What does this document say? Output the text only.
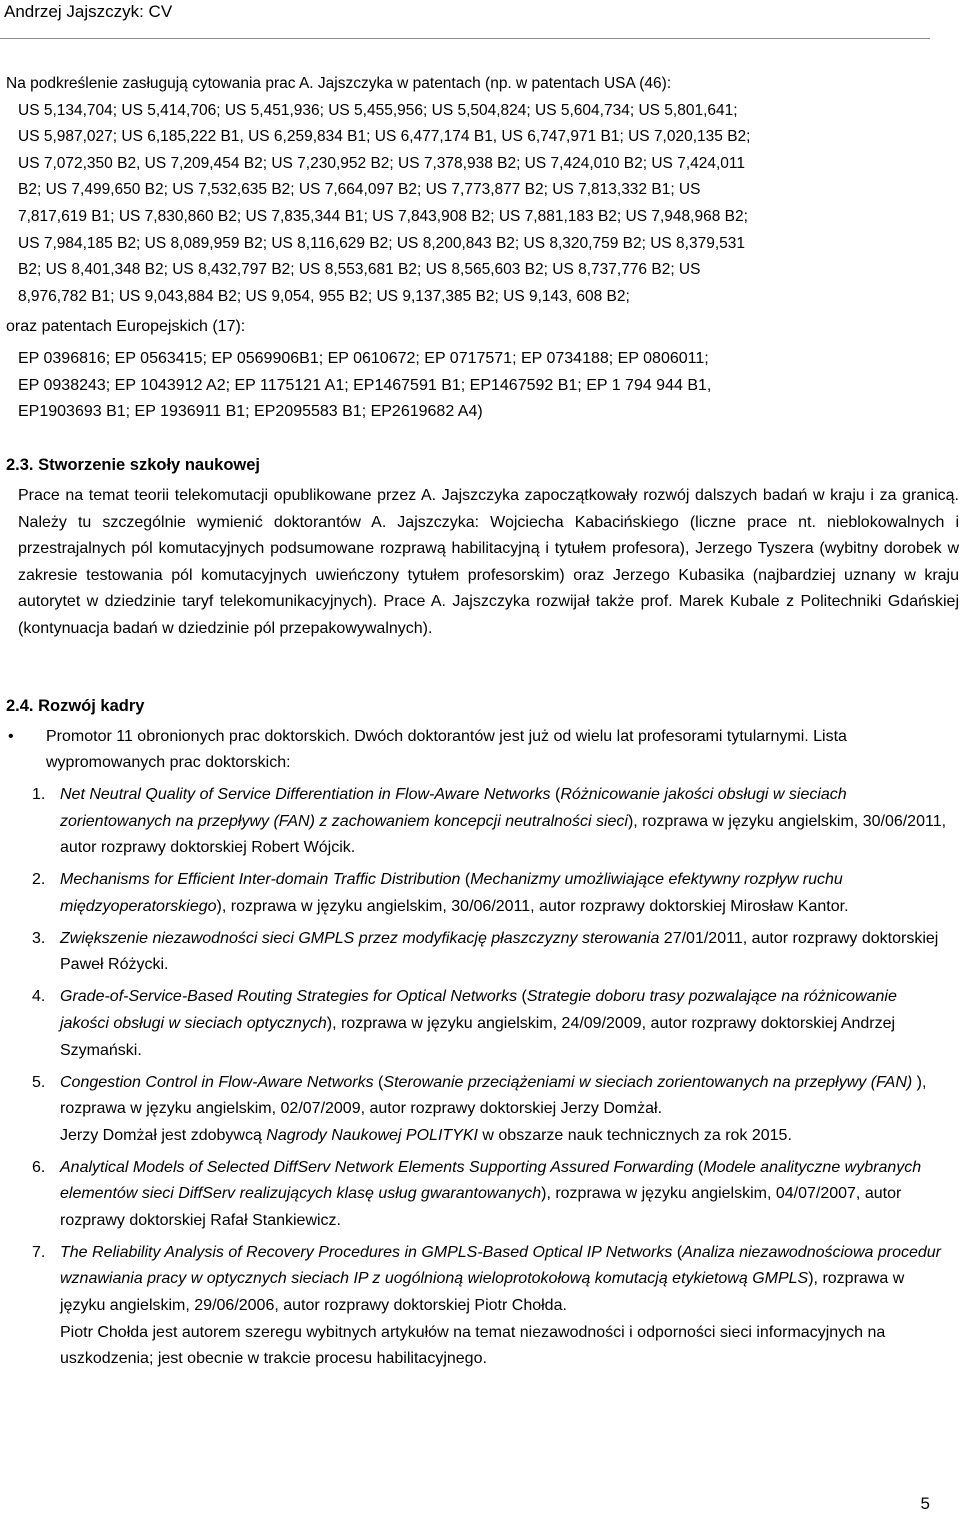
Andrzej Jajszczyk: CV
Na podkreślenie zasługują cytowania prac A. Jajszczyka w patentach (np. w patentach USA (46):
US 5,134,704; US 5,414,706; US 5,451,936; US 5,455,956; US 5,504,824; US 5,604,734; US 5,801,641;
US 5,987,027; US 6,185,222 B1, US 6,259,834 B1; US 6,477,174 B1, US 6,747,971 B1; US 7,020,135 B2;
US 7,072,350 B2, US 7,209,454 B2; US 7,230,952 B2; US 7,378,938 B2; US 7,424,010 B2; US 7,424,011
B2; US 7,499,650 B2; US 7,532,635 B2; US 7,664,097 B2; US 7,773,877 B2; US 7,813,332 B1; US
7,817,619 B1; US 7,830,860 B2; US 7,835,344 B1; US 7,843,908 B2; US 7,881,183 B2; US 7,948,968 B2;
US 7,984,185 B2; US 8,089,959 B2; US 8,116,629 B2; US 8,200,843 B2; US 8,320,759 B2; US 8,379,531
B2; US 8,401,348 B2; US 8,432,797 B2; US 8,553,681 B2; US 8,565,603 B2; US 8,737,776 B2; US
8,976,782 B1; US 9,043,884 B2; US 9,054, 955 B2; US 9,137,385 B2; US 9,143, 608 B2;
oraz patentach Europejskich (17):
EP 0396816; EP 0563415; EP 0569906B1; EP 0610672; EP 0717571; EP 0734188; EP 0806011;
EP 0938243; EP 1043912 A2; EP 1175121 A1; EP1467591 B1; EP1467592 B1; EP 1 794 944 B1,
EP1903693 B1; EP 1936911 B1; EP2095583 B1; EP2619682 A4)
2.3. Stworzenie szkoły naukowej

Prace na temat teorii telekomutacji opublikowane przez A. Jajszczyka zapoczątkowały rozwój dalszych badań w kraju i za granicą. Należy tu szczególnie wymienić doktorantów A. Jajszczyka: Wojciecha Kabacińskiego (liczne prace nt. nieblokowalnych i przestrajalnych pól komutacyjnych podsumowane rozprawą habilitacyjną i tytułem profesora), Jerzego Tyszera (wybitny dorobek w zakresie testowania pól komutacyjnych uwieńczony tytułem profesorskim) oraz Jerzego Kubasika (najbardziej uznany w kraju autorytet w dziedzinie taryf telekomunikacyjnych). Prace A. Jajszczyka rozwijał także prof. Marek Kubale z Politechniki Gdańskiej (kontynuacja badań w dziedzinie pól przepakowywalnych).

2.4. Rozwój kadry
• Promotor 11 obronionych prac doktorskich. Dwóch doktorantów jest już od wielu lat profesorami tytularnymi. Lista wypromowanych prac doktorskich:
1. Net Neutral Quality of Service Differentiation in Flow-Aware Networks (Różnicowanie jakości obsługi w sieciach zorientowanych na przepływy (FAN) z zachowaniem koncepcji neutralności sieci), rozprawa w języku angielskim, 30/06/2011, autor rozprawy doktorskiej Robert Wójcik.
2. Mechanisms for Efficient Inter-domain Traffic Distribution (Mechanizmy umożliwiające efektywny rozpływ ruchu międzyoperatorskiego), rozprawa w języku angielskim, 30/06/2011, autor rozprawy doktorskiej Mirosław Kantor.
3. Zwiększenie niezawodności sieci GMPLS przez modyfikację płaszczyzny sterowania 27/01/2011, autor rozprawy doktorskiej Paweł Różycki.
4. Grade-of-Service-Based Routing Strategies for Optical Networks (Strategie doboru trasy pozwalające na różnicowanie jakości obsługi w sieciach optycznych), rozprawa w języku angielskim, 24/09/2009, autor rozprawy doktorskiej Andrzej Szymański.
5. Congestion Control in Flow-Aware Networks (Sterowanie przeciążeniami w sieciach zorientowanych na przepływy (FAN) ), rozprawa w języku angielskim, 02/07/2009, autor rozprawy doktorskiej Jerzy Domżał.
Jerzy Domżał jest zdobywcą Nagrody Naukowej POLITYKI w obszarze nauk technicznych za rok 2015.
6. Analytical Models of Selected DiffServ Network Elements Supporting Assured Forwarding (Modele analityczne wybranych elementów sieci DiffServ realizujących klasę usług gwarantowanych), rozprawa w języku angielskim, 04/07/2007, autor rozprawy doktorskiej Rafał Stankiewicz.
7. The Reliability Analysis of Recovery Procedures in GMPLS-Based Optical IP Networks (Analiza niezawodnościowa procedur wznawiania pracy w optycznych sieciach IP z uogólnioną wieloprotokołową komutacją etykietową GMPLS), rozprawa w języku angielskim, 29/06/2006, autor rozprawy doktorskiej Piotr Chołda.
Piotr Chołda jest autorem szeregu wybitnych artykułów na temat niezawodności i odporności sieci informacyjnych na uszkodzenia; jest obecnie w trakcie procesu habilitacyjnego.
5
